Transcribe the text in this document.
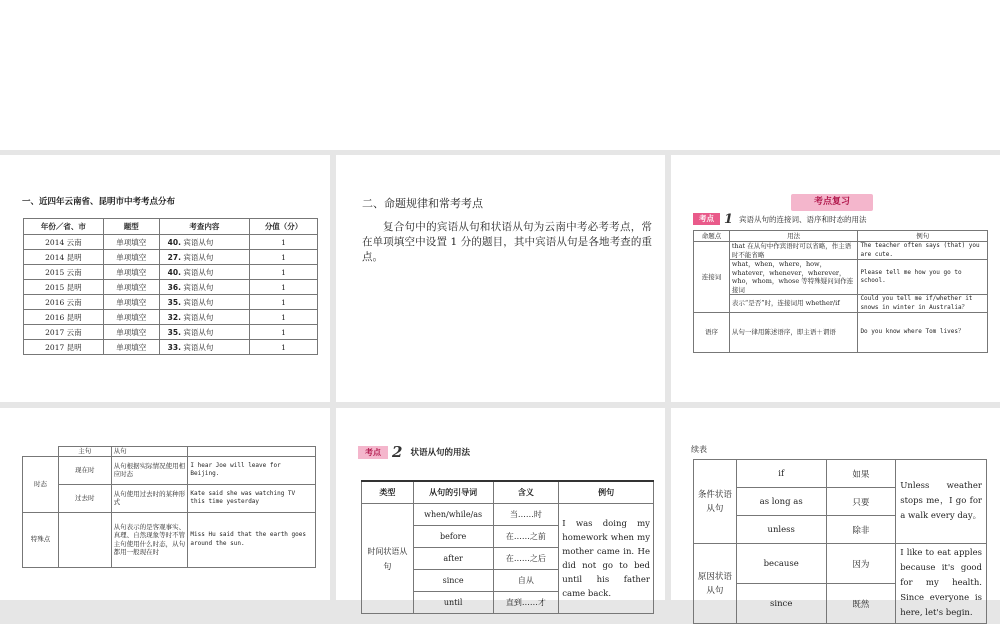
一、近四年云南省、昆明市中考考点分布
年份／省、市	题型	考查内容	分值（分）
2014 云南	单项填空	40. 宾语从句	1
2014 昆明	单项填空	27. 宾语从句	1
2015 云南	单项填空	40. 宾语从句	1
2015 昆明	单项填空	36. 宾语从句	1
2016 云南	单项填空	35. 宾语从句	1
2016 昆明	单项填空	32. 宾语从句	1
2017 云南	单项填空	35. 宾语从句	1
2017 昆明	单项填空	33. 宾语从句	1
二、命题规律和常考考点
复合句中的宾语从句和状语从句为云南中考必考考点，常在单项填空中设置 1 分的题目，其中宾语从句是各地考查的重点。
考点复习
考点 1 宾语从句的连接词、语序和时态的用法
命题点	用法	例句
连接词	that 在从句中作宾语时可以省略，作主语时不能省略	The teacher often says (that) you are cute.
	what，when，where，how，whatever，whenever，wherever，who，whom，whose 等特殊疑问词作连接词	Please tell me how you go to school.
	表示“是否”时，连接词用 whether/if	Could you tell me if/whether it snows in winter in Australia？
语序	从句一律用陈述语序，即主语＋谓语	Do you know where Tom lives？
	主句	从句	
时态	现在时	从句根据实际情况使用相应时态	I hear Joe will leave for Beijing.
	过去时	从句使用过去时的某种形式	Kate said she was watching TV this time yesterday
特殊点		从句表示的是客观事实、真理、自然现象等时不管主句使用什么时态，从句都用一般现在时	Miss Hu said that the earth goes around the sun.
考点 2 状语从句的用法
类型	从句的引导词	含义	例句
时间状语从句	when/while/as	当……时	I was doing my homework when my mother came in. He did not go to bed until his father came back.
	before	在……之前	
	after	在……之后	
	since	自从	
	until	直到……才	
续表
条件状语从句	if	如果	Unless weather stops me，I go for a walk every day。
	as long as	只要	
	unless	除非	
原因状语从句	because	因为	I like to eat apples because it's good for my health. Since everyone is here, let's begin.
	since	既然	
